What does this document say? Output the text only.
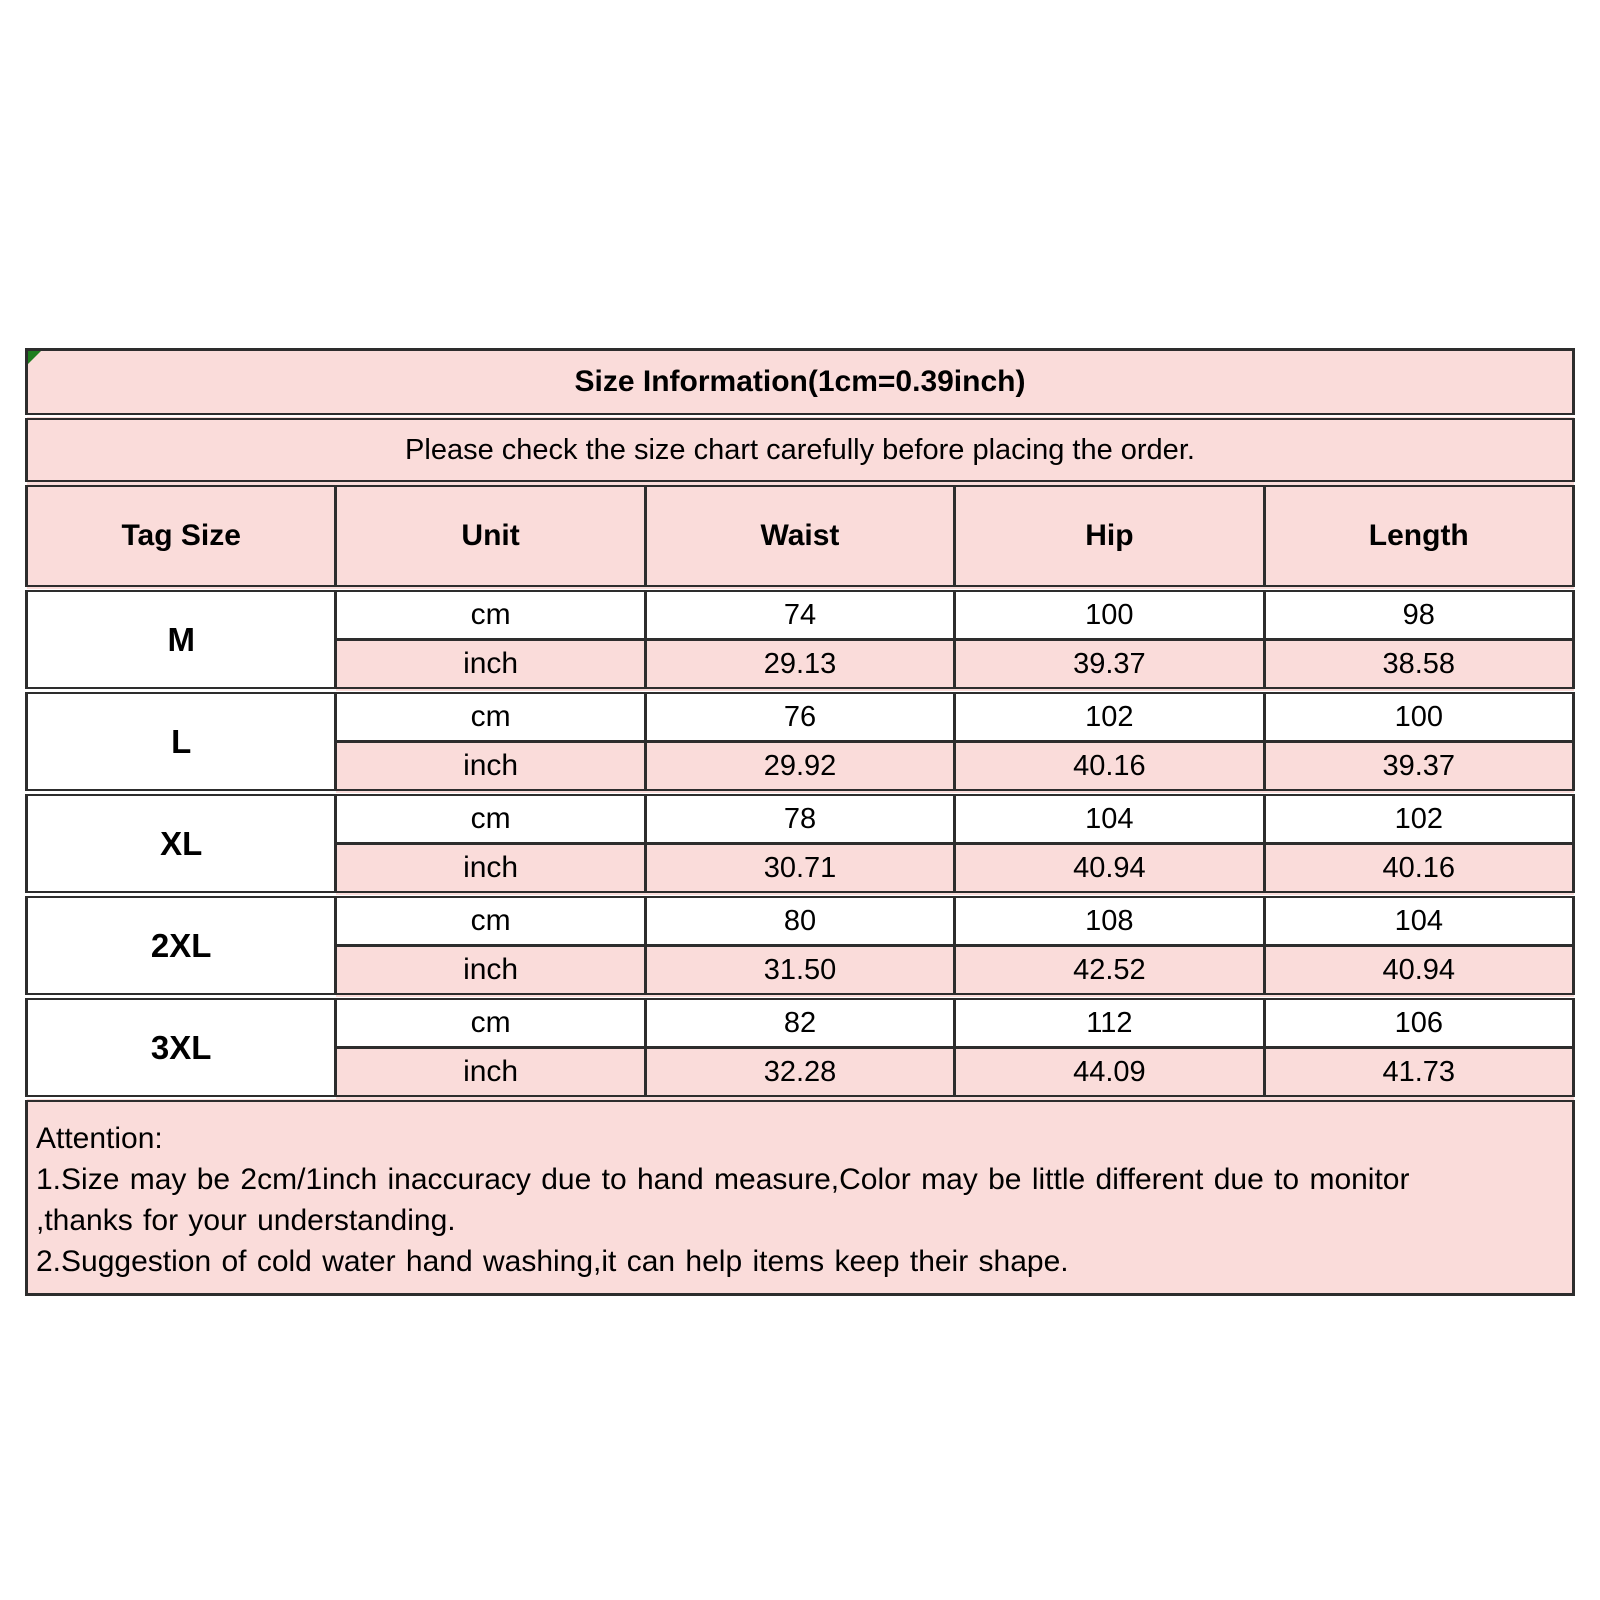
Size Information(1cm=0.39inch)				
Please check the size chart carefully before placing the order.				
Tag Size	Unit	Waist	Hip	Length
M	cm	74	100	98
	inch	29.13	39.37	38.58
L	cm	76	102	100
	inch	29.92	40.16	39.37
XL	cm	78	104	102
	inch	30.71	40.94	40.16
2XL	cm	80	108	104
	inch	31.50	42.52	40.94
3XL	cm	82	112	106
	inch	32.28	44.09	41.73

Attention:
1.Size may be 2cm/1inch inaccuracy due to hand measure,Color may be little different due to monitor
,thanks for your understanding.
2.Suggestion of cold water hand washing,it can help items keep their shape.				
